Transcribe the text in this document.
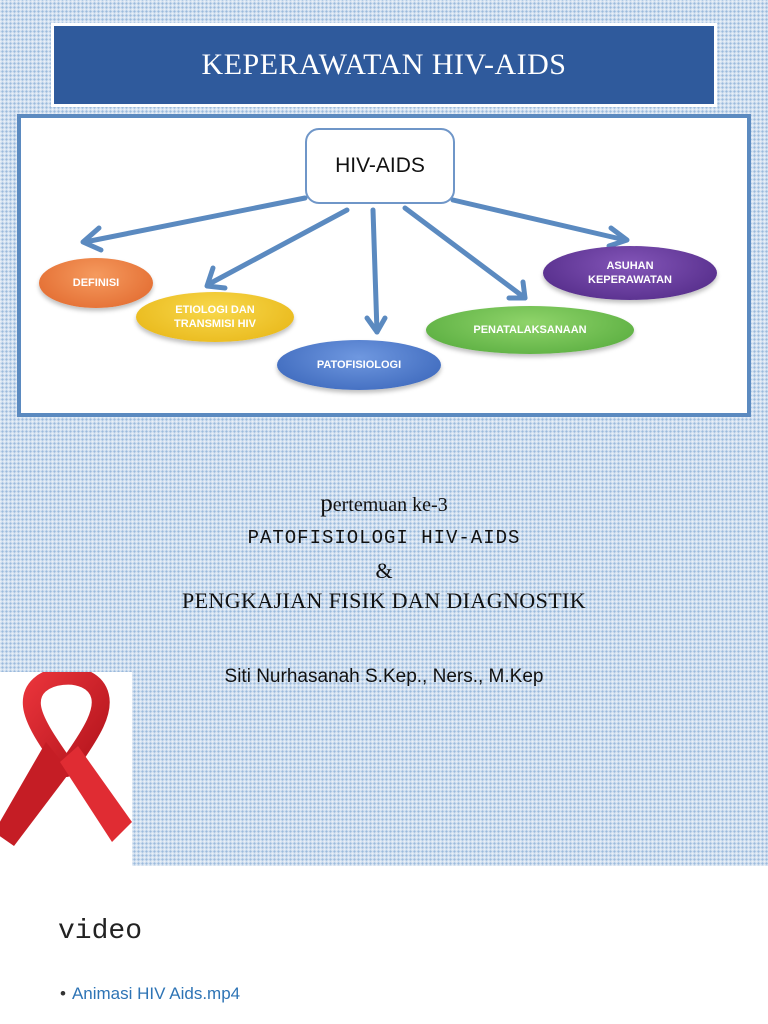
KEPERAWATAN HIV-AIDS
HIV-AIDS
DEFINISI
ETIOLOGI DAN
TRANSMISI HIV
PATOFISIOLOGI
PENATALAKSANAAN
ASUHAN
KEPERAWATAN
pertemuan ke-3
PATOFISIOLOGI HIV-AIDS
&
PENGKAJIAN FISIK DAN DIAGNOSTIK
Siti Nurhasanah S.Kep., Ners., M.Kep
video
• Animasi HIV Aids.mp4
